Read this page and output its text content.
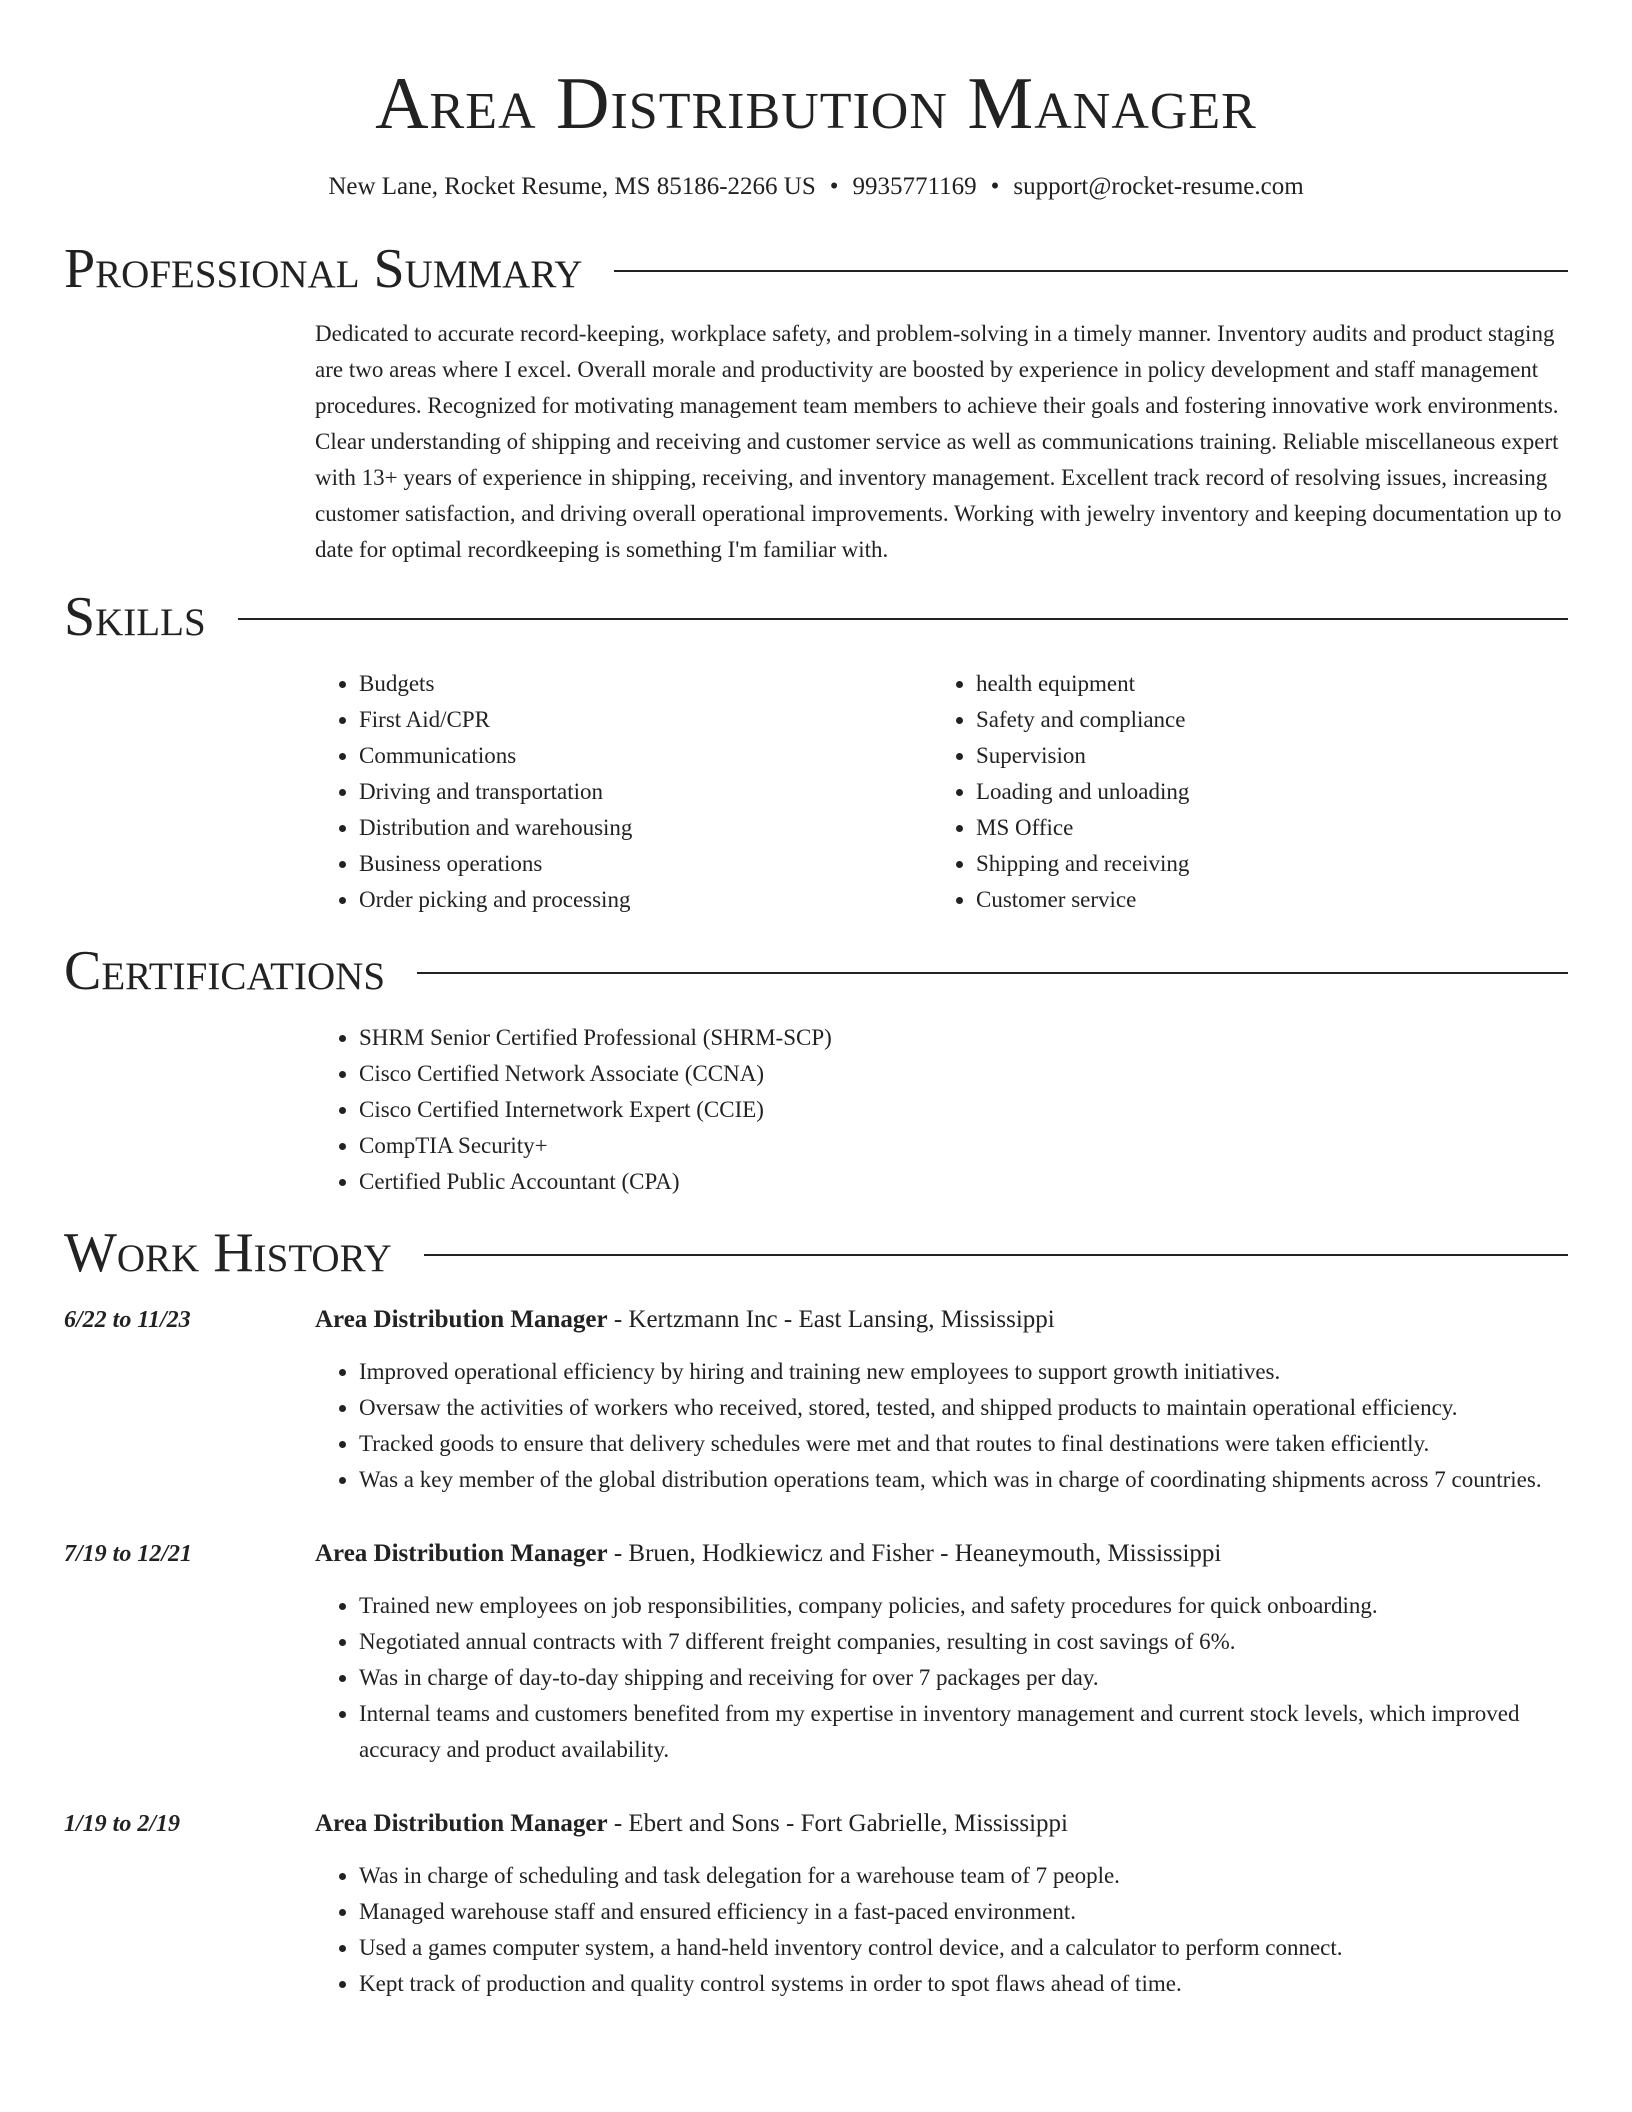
Area Distribution Manager
New Lane, Rocket Resume, MS 85186-2266 US • 9935771169 • support@rocket-resume.com
Professional Summary

Dedicated to accurate record-keeping, workplace safety, and problem-solving in a timely manner. Inventory audits and product staging are two areas where I excel. Overall morale and productivity are boosted by experience in policy development and staff management procedures. Recognized for motivating management team members to achieve their goals and fostering innovative work environments. Clear understanding of shipping and receiving and customer service as well as communications training. Reliable miscellaneous expert with 13+ years of experience in shipping, receiving, and inventory management. Excellent track record of resolving issues, increasing customer satisfaction, and driving overall operational improvements. Working with jewelry inventory and keeping documentation up to date for optimal recordkeeping is something I'm familiar with.

Skills
• Budgets
• First Aid/CPR
• Communications
• Driving and transportation
• Distribution and warehousing
• Business operations
• Order picking and processing
• health equipment
• Safety and compliance
• Supervision
• Loading and unloading
• MS Office
• Shipping and receiving
• Customer service
Certifications
• SHRM Senior Certified Professional (SHRM-SCP)
• Cisco Certified Network Associate (CCNA)
• Cisco Certified Internetwork Expert (CCIE)
• CompTIA Security+
• Certified Public Accountant (CPA)
Work History
6/22 to 11/23	Area Distribution Manager - Kertzmann Inc - East Lansing, Mississippi
• Improved operational efficiency by hiring and training new employees to support growth initiatives.
• Oversaw the activities of workers who received, stored, tested, and shipped products to maintain operational efficiency.
• Tracked goods to ensure that delivery schedules were met and that routes to final destinations were taken efficiently.
• Was a key member of the global distribution operations team, which was in charge of coordinating shipments across 7 countries.
7/19 to 12/21	Area Distribution Manager - Bruen, Hodkiewicz and Fisher - Heaneymouth, Mississippi
• Trained new employees on job responsibilities, company policies, and safety procedures for quick onboarding.
• Negotiated annual contracts with 7 different freight companies, resulting in cost savings of 6%.
• Was in charge of day-to-day shipping and receiving for over 7 packages per day.
• Internal teams and customers benefited from my expertise in inventory management and current stock levels, which improved accuracy and product availability.
1/19 to 2/19	Area Distribution Manager - Ebert and Sons - Fort Gabrielle, Mississippi
• Was in charge of scheduling and task delegation for a warehouse team of 7 people.
• Managed warehouse staff and ensured efficiency in a fast-paced environment.
• Used a games computer system, a hand-held inventory control device, and a calculator to perform connect.
• Kept track of production and quality control systems in order to spot flaws ahead of time.
